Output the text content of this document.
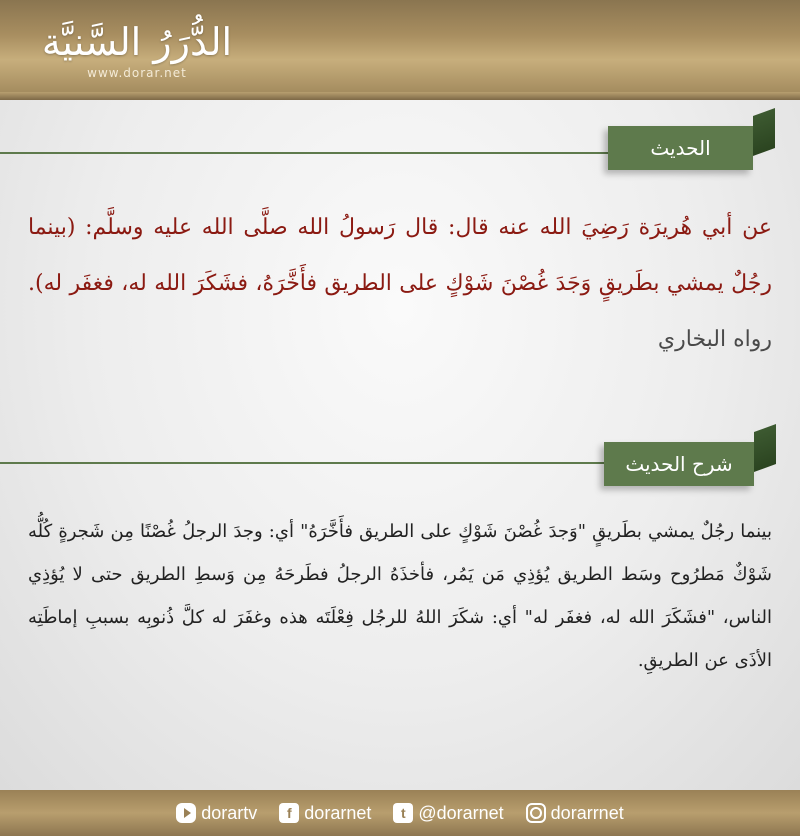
الدُّرَرُ السَّنيَّة
www.dorar.net
الحديث
عن أبي هُريرَة رَضِيَ الله عنه قال: قال رَسولُ الله صلَّى الله عليه وسلَّم: (بينما رجُلٌ يمشي بطَريقٍ وَجَدَ غُصْنَ شَوْكٍ على الطريق فأَخَّرَهُ، فشَكَرَ الله له، فغفَر له). رواه البخاري
شرح الحديث
بينما رجُلٌ يمشي بطَريقٍ "وَجدَ غُصْنَ شَوْكٍ على الطريق فأَخَّرَهُ" أي: وجدَ الرجلُ غُصْنًا مِن شَجرةٍ كُلُّه شَوْكٌ مَطرُوح وسَط الطريق يُؤذِي مَن يَمُر، فأخذَهُ الرجلُ فطَرحَهُ مِن وَسطِ الطريق حتى لا يُؤذِي الناس، "فشَكَرَ الله له، فغفَر له" أي: شكَرَ اللهُ للرجُل فِعْلَتَه هذه وغفَرَ له كلَّ ذُنوبِه بسببِ إماطَتِه الأذَى عن الطريقِ.
dorartv	f dorarnet	t @dorarnet	dorarrnet
